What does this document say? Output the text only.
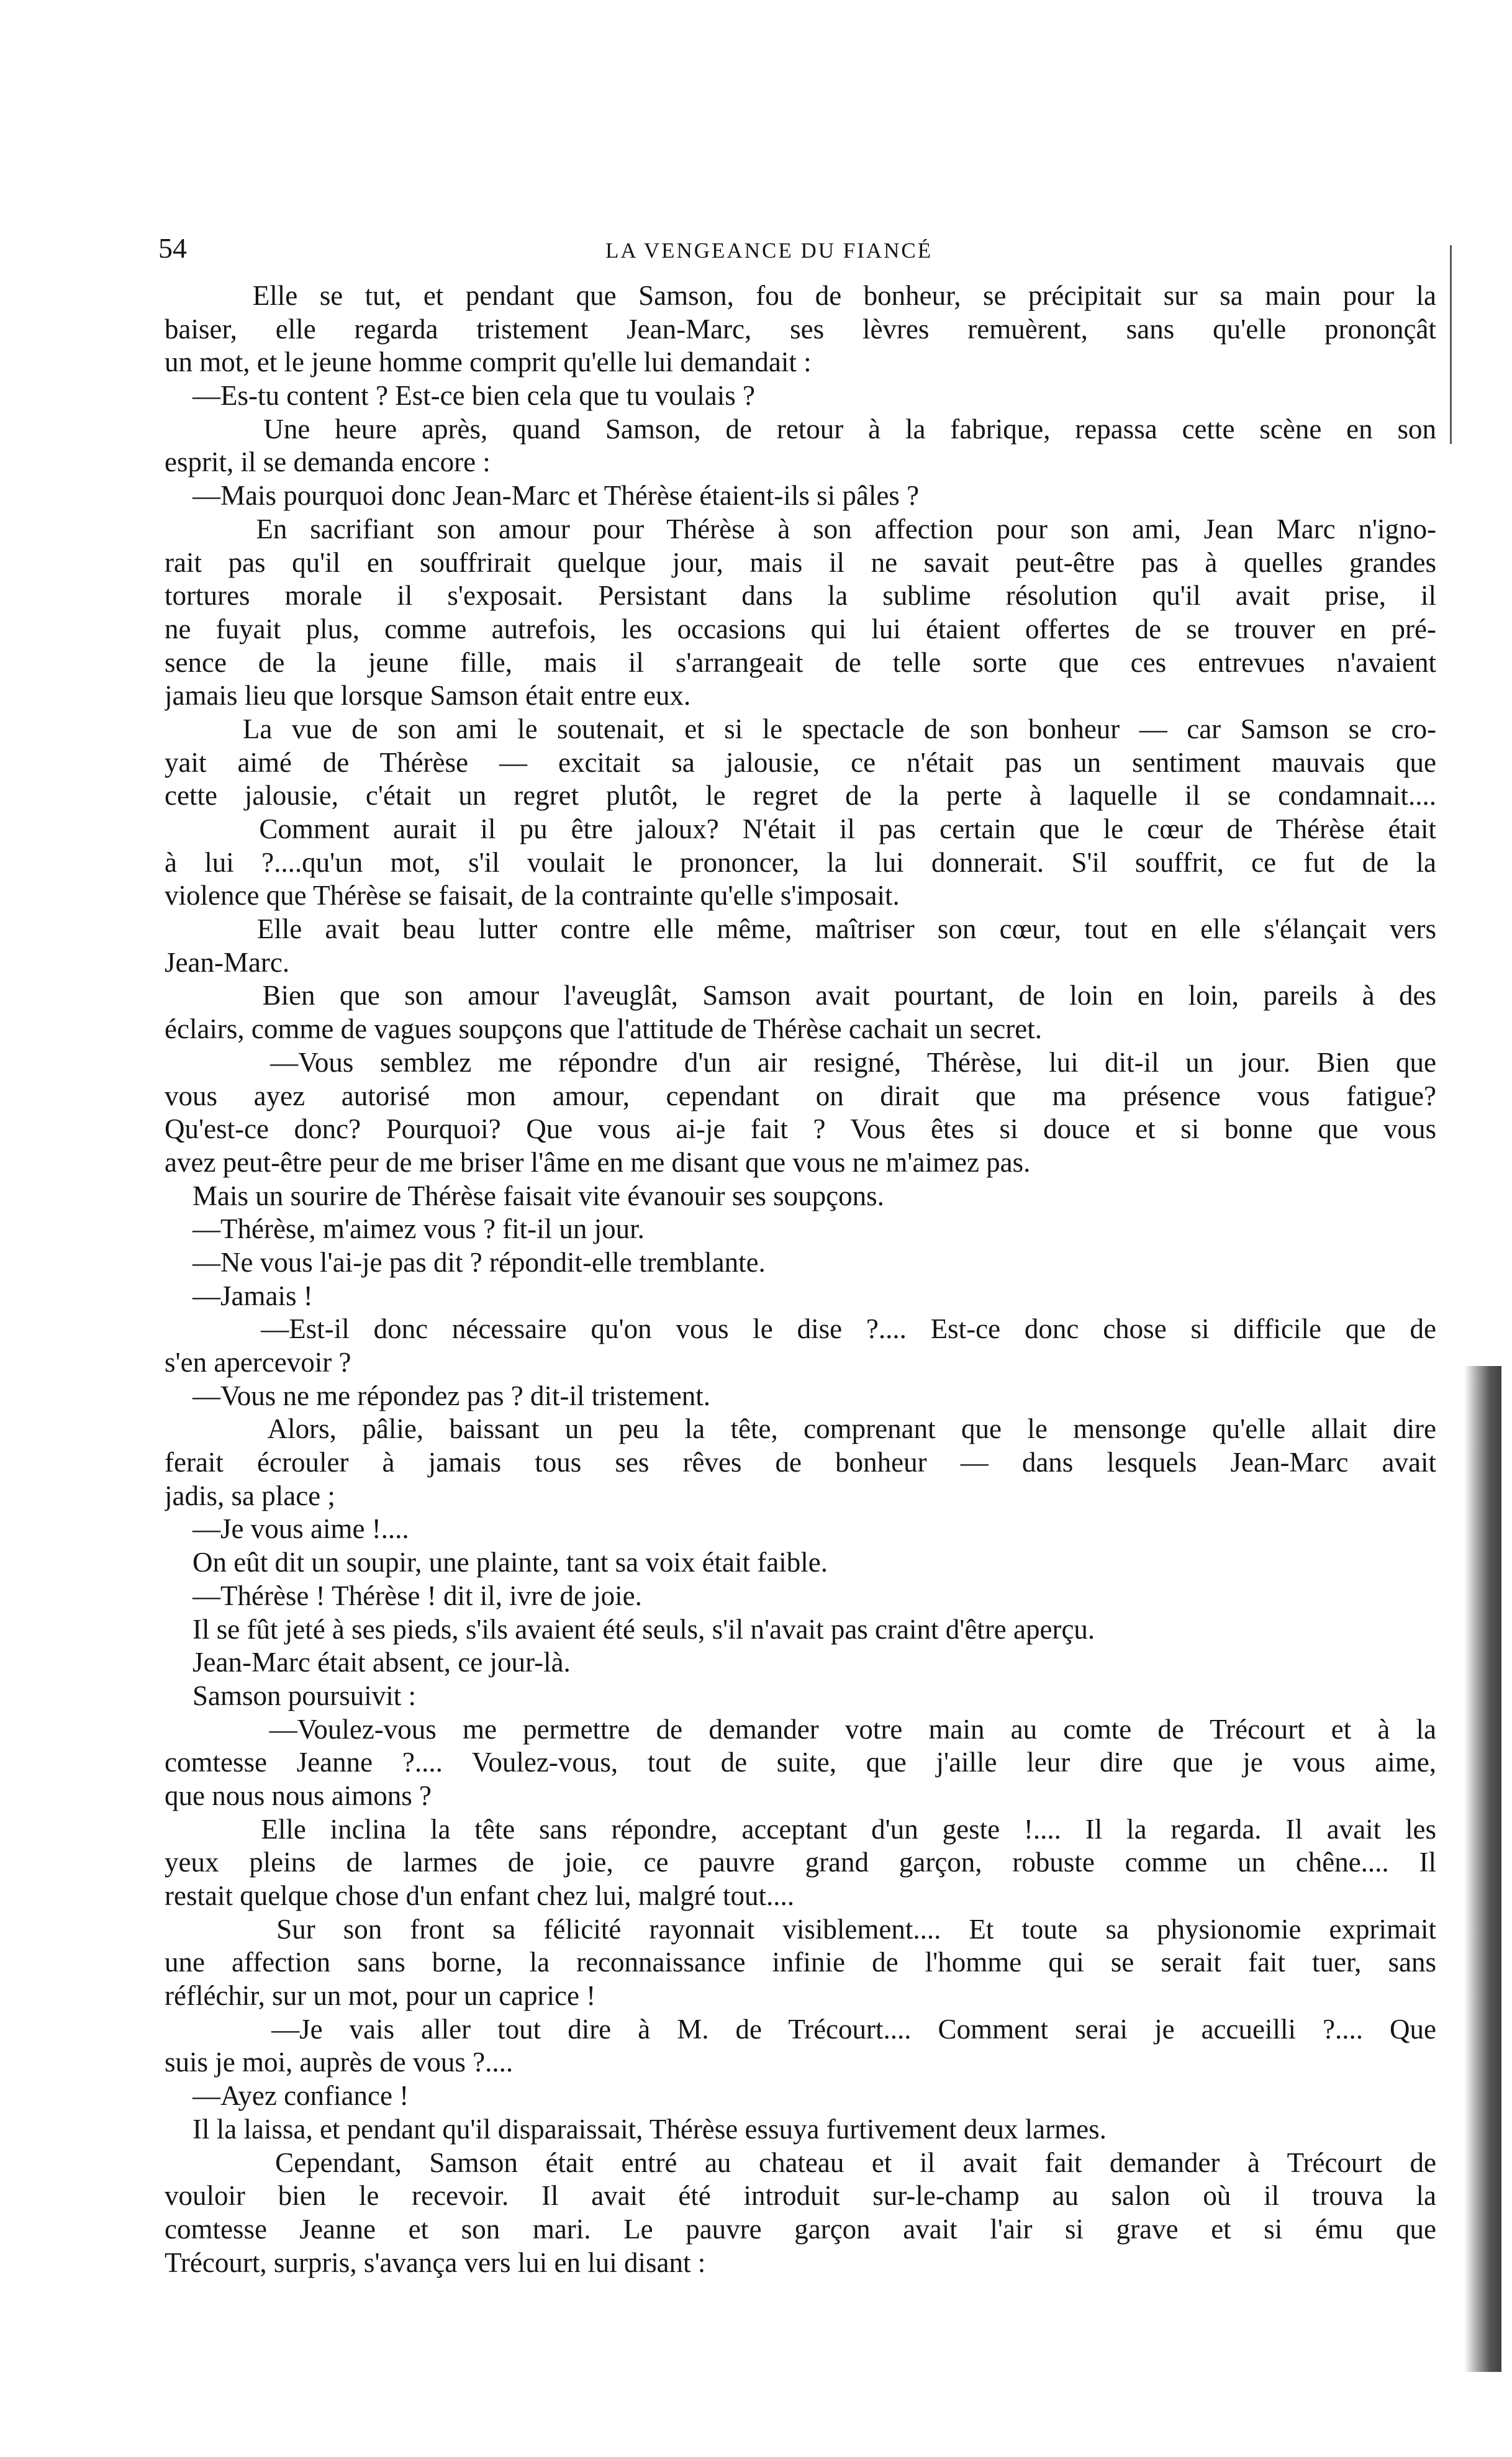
54	LA VENGEANCE DU FIANCÉ
Elle se tut, et pendant que Samson, fou de bonheur, se précipitait sur sa main pour la
baiser, elle regarda tristement Jean-Marc, ses lèvres remuèrent, sans qu'elle prononçât
un mot, et le jeune homme comprit qu'elle lui demandait :
—Es-tu content ? Est-ce bien cela que tu voulais ?
Une heure après, quand Samson, de retour à la fabrique, repassa cette scène en son
esprit, il se demanda encore :
—Mais pourquoi donc Jean-Marc et Thérèse étaient-ils si pâles ?
En sacrifiant son amour pour Thérèse à son affection pour son ami, Jean Marc n'igno-
rait pas qu'il en souffrirait quelque jour, mais il ne savait peut-être pas à quelles grandes
tortures morale il s'exposait. Persistant dans la sublime résolution qu'il avait prise, il
ne fuyait plus, comme autrefois, les occasions qui lui étaient offertes de se trouver en pré-
sence de la jeune fille, mais il s'arrangeait de telle sorte que ces entrevues n'avaient
jamais lieu que lorsque Samson était entre eux.
La vue de son ami le soutenait, et si le spectacle de son bonheur — car Samson se cro-
yait aimé de Thérèse — excitait sa jalousie, ce n'était pas un sentiment mauvais que
cette jalousie, c'était un regret plutôt, le regret de la perte à laquelle il se condamnait....
Comment aurait il pu être jaloux? N'était il pas certain que le cœur de Thérèse était
à lui ?....qu'un mot, s'il voulait le prononcer, la lui donnerait. S'il souffrit, ce fut de la
violence que Thérèse se faisait, de la contrainte qu'elle s'imposait.
Elle avait beau lutter contre elle même, maîtriser son cœur, tout en elle s'élançait vers
Jean-Marc.
Bien que son amour l'aveuglât, Samson avait pourtant, de loin en loin, pareils à des
éclairs, comme de vagues soupçons que l'attitude de Thérèse cachait un secret.
—Vous semblez me répondre d'un air resigné, Thérèse, lui dit-il un jour. Bien que
vous ayez autorisé mon amour, cependant on dirait que ma présence vous fatigue?
Qu'est-ce donc? Pourquoi? Que vous ai-je fait ? Vous êtes si douce et si bonne que vous
avez peut-être peur de me briser l'âme en me disant que vous ne m'aimez pas.
Mais un sourire de Thérèse faisait vite évanouir ses soupçons.
—Thérèse, m'aimez vous ? fit-il un jour.
—Ne vous l'ai-je pas dit ? répondit-elle tremblante.
—Jamais !
—Est-il donc nécessaire qu'on vous le dise ?.... Est-ce donc chose si difficile que de
s'en apercevoir ?
—Vous ne me répondez pas ? dit-il tristement.
Alors, pâlie, baissant un peu la tête, comprenant que le mensonge qu'elle allait dire
ferait écrouler à jamais tous ses rêves de bonheur — dans lesquels Jean-Marc avait
jadis, sa place ;
—Je vous aime !....
On eût dit un soupir, une plainte, tant sa voix était faible.
—Thérèse ! Thérèse ! dit il, ivre de joie.
Il se fût jeté à ses pieds, s'ils avaient été seuls, s'il n'avait pas craint d'être aperçu.
Jean-Marc était absent, ce jour-là.
Samson poursuivit :
—Voulez-vous me permettre de demander votre main au comte de Trécourt et à la
comtesse Jeanne ?.... Voulez-vous, tout de suite, que j'aille leur dire que je vous aime,
que nous nous aimons ?
Elle inclina la tête sans répondre, acceptant d'un geste !.... Il la regarda. Il avait les
yeux pleins de larmes de joie, ce pauvre grand garçon, robuste comme un chêne.... Il
restait quelque chose d'un enfant chez lui, malgré tout....
Sur son front sa félicité rayonnait visiblement.... Et toute sa physionomie exprimait
une affection sans borne, la reconnaissance infinie de l'homme qui se serait fait tuer, sans
réfléchir, sur un mot, pour un caprice !
—Je vais aller tout dire à M. de Trécourt.... Comment serai je accueilli ?.... Que
suis je moi, auprès de vous ?....
—Ayez confiance !
Il la laissa, et pendant qu'il disparaissait, Thérèse essuya furtivement deux larmes.
Cependant, Samson était entré au chateau et il avait fait demander à Trécourt de
vouloir bien le recevoir. Il avait été introduit sur-le-champ au salon où il trouva la
comtesse Jeanne et son mari. Le pauvre garçon avait l'air si grave et si ému que
Trécourt, surpris, s'avança vers lui en lui disant :
